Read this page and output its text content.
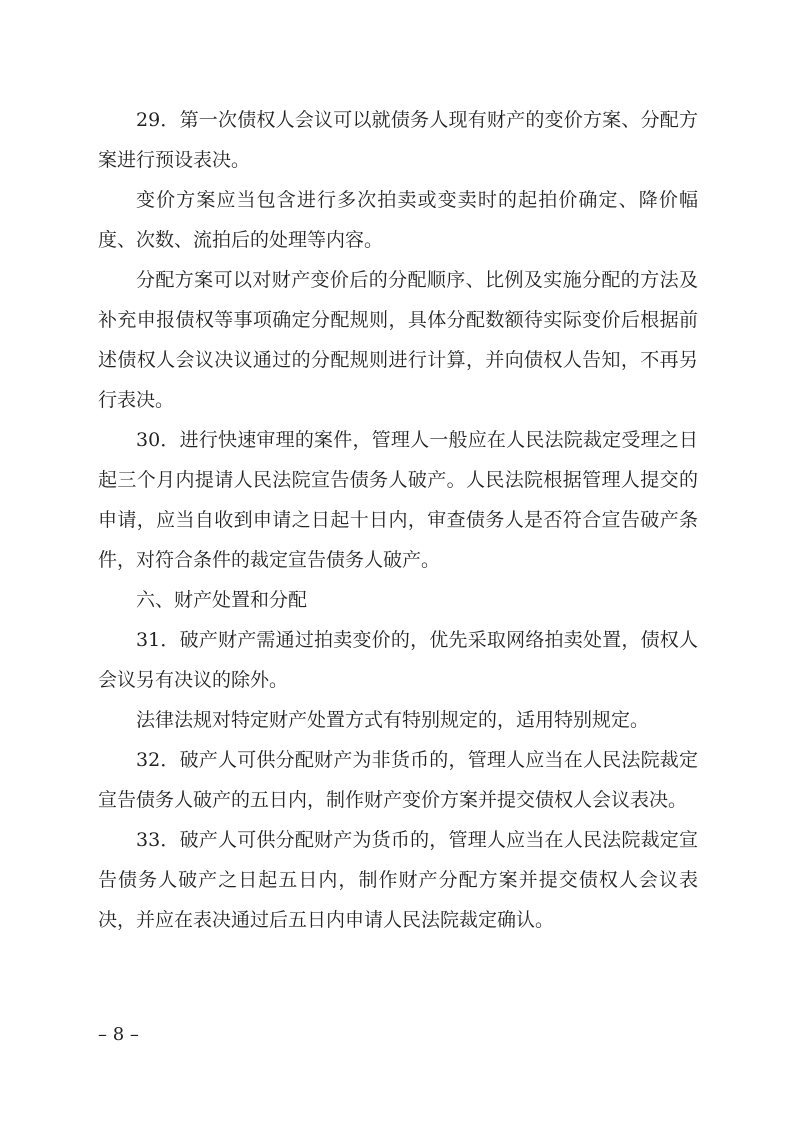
29．第一次债权人会议可以就债务人现有财产的变价方案、分配方案进行预设表决。

变价方案应当包含进行多次拍卖或变卖时的起拍价确定、降价幅度、次数、流拍后的处理等内容。

分配方案可以对财产变价后的分配顺序、比例及实施分配的方法及补充申报债权等事项确定分配规则，具体分配数额待实际变价后根据前述债权人会议决议通过的分配规则进行计算，并向债权人告知，不再另行表决。

30．进行快速审理的案件，管理人一般应在人民法院裁定受理之日起三个月内提请人民法院宣告债务人破产。人民法院根据管理人提交的申请，应当自收到申请之日起十日内，审查债务人是否符合宣告破产条件，对符合条件的裁定宣告债务人破产。

六、财产处置和分配

31．破产财产需通过拍卖变价的，优先采取网络拍卖处置，债权人会议另有决议的除外。

法律法规对特定财产处置方式有特别规定的，适用特别规定。

32．破产人可供分配财产为非货币的，管理人应当在人民法院裁定宣告债务人破产的五日内，制作财产变价方案并提交债权人会议表决。

33．破产人可供分配财产为货币的，管理人应当在人民法院裁定宣告债务人破产之日起五日内，制作财产分配方案并提交债权人会议表决，并应在表决通过后五日内申请人民法院裁定确认。

– 8 –
